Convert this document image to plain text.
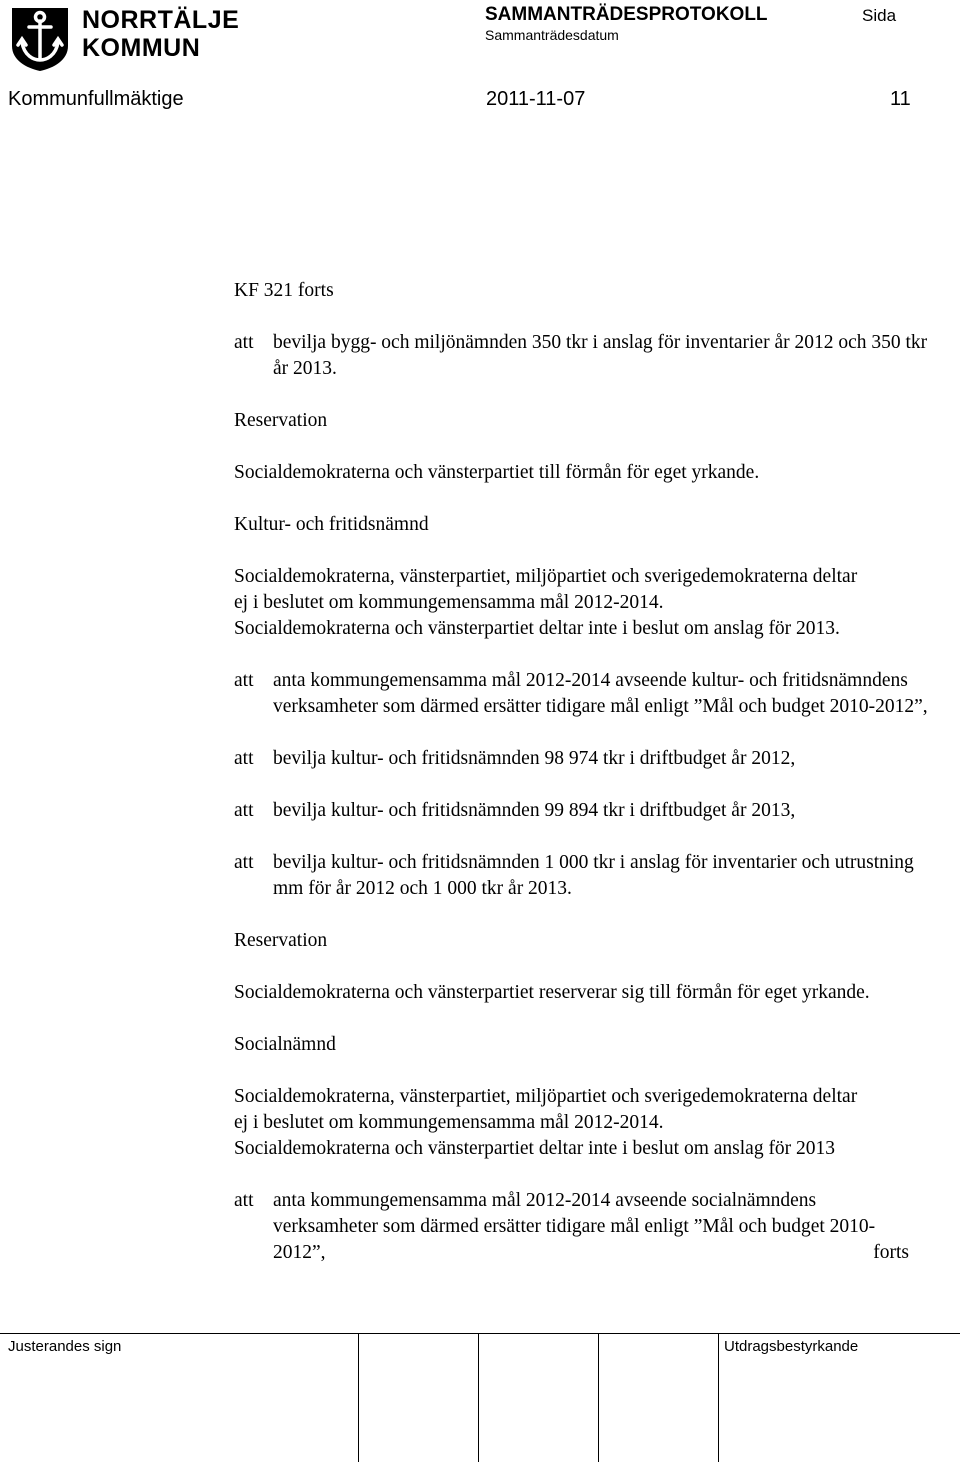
NORRTÄLJE
KOMMUN
SAMMANTRÄDESPROTOKOLL
Sammanträdesdatum
Sida
Kommunfullmäktige	2011-11-07	11

KF 321 forts

att	bevilja bygg- och miljönämnden 350 tkr i anslag för inventarier år 2012 och 350 tkr år 2013.

Reservation

Socialdemokraterna och vänsterpartiet till förmån för eget yrkande.

Kultur- och fritidsnämnd

Socialdemokraterna, vänsterpartiet, miljöpartiet och sverigedemokraterna deltar

ej i beslutet om kommungemensamma mål 2012-2014.

Socialdemokraterna och vänsterpartiet deltar inte i beslut om anslag för 2013.

att	anta kommungemensamma mål 2012-2014 avseende kultur- och fritidsnämndens verksamheter som därmed ersätter tidigare mål enligt ”Mål och budget 2010-2012”,
att	bevilja kultur- och fritidsnämnden 98 974 tkr i driftbudget år 2012,
att	bevilja kultur- och fritidsnämnden 99 894 tkr i driftbudget år 2013,
att	bevilja kultur- och fritidsnämnden 1 000 tkr i anslag för inventarier och utrustning mm för år 2012 och 1 000 tkr år 2013.

Reservation

Socialdemokraterna och vänsterpartiet reserverar sig till förmån för eget yrkande.

Socialnämnd

Socialdemokraterna, vänsterpartiet, miljöpartiet och sverigedemokraterna deltar

ej i beslutet om kommungemensamma mål 2012-2014.

Socialdemokraterna och vänsterpartiet deltar inte i beslut om anslag för 2013

att	anta kommungemensamma mål 2012-2014 avseende socialnämndens verksamheter som därmed ersätter tidigare mål enligt ”Mål och budget 2010-2012”,	forts
Justerandes sign	Utdragsbestyrkande
